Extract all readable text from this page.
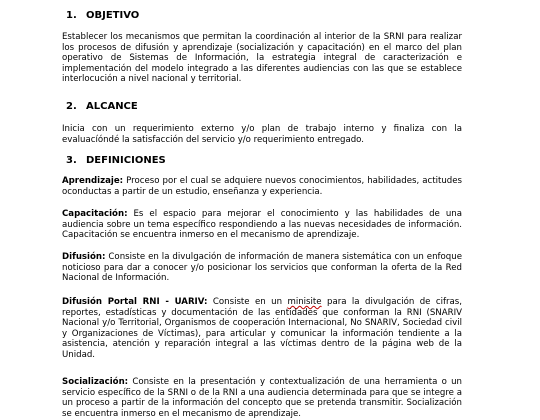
1. OBJETIVO
Establecer los mecanismos que permitan la coordinación al interior de la SRNI para realizar los procesos de difusión y aprendizaje (socialización y capacitación) en el marco del plan operativo de Sistemas de Información, la estrategia integral de caracterización e implementación del modelo integrado a las diferentes audiencias con las que se establece interlocución a nivel nacional y territorial.
2. ALCANCE
Inicia con un requerimiento externo y/o plan de trabajo interno y finaliza con la evaluacíóndé la satisfacción del servicio y/o requerimiento entregado.
3. DEFINICIONES
Aprendizaje: Proceso por el cual se adquiere nuevos conocimientos, habilidades, actitudes oconductas a partir de un estudio, enseñanza y experiencia.
Capacitación: Es el espacio para mejorar el conocimiento y las habilidades de una audiencia sobre un tema específico respondiendo a las nuevas necesidades de información. Capacitación se encuentra inmerso en el mecanismo de aprendizaje.
Difusión: Consiste en la divulgación de información de manera sistemática con un enfoque noticioso para dar a conocer y/o posicionar los servicios que conforman la oferta de la Red Nacional de Información.
Difusión Portal RNI - UARIV: Consiste en un minisite para la divulgación de cifras, reportes, estadísticas y documentación de las entidades que conforman la RNI (SNARIV Nacional y/o Territorial, Organismos de cooperación Internacional, No SNARIV, Sociedad civil y Organizaciones de Víctimas), para articular y comunicar la información tendiente a la asistencia, atención y reparación integral a las víctimas dentro de la página web de la Unidad.
Socialización: Consiste en la presentación y contextualización de una herramienta o un servicio específico de la SRNI o de la RNI a una audiencia determinada para que se integre a un proceso a partir de la información del concepto que se pretenda transmitir. Socialización se encuentra inmerso en el mecanismo de aprendizaje.
